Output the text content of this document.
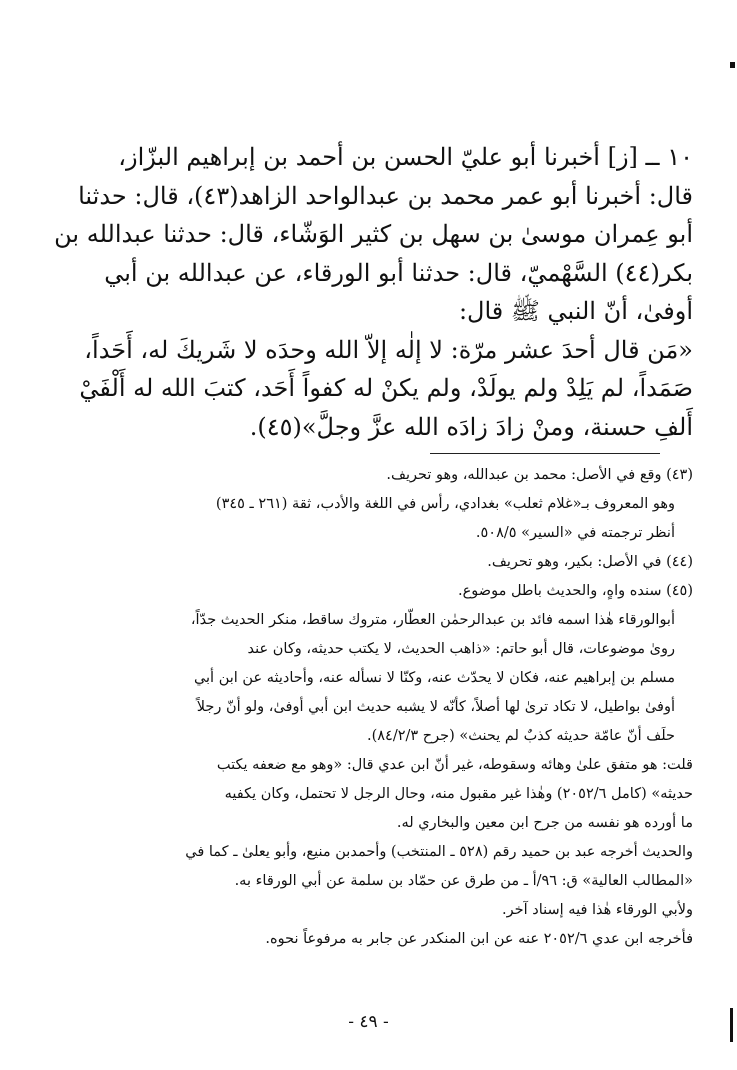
١٠ ــ [ز] أخبرنا أبو عليّ الحسن بن أحمد بن إبراهيم البزّاز،

قال: أخبرنا أبو عمر محمد بن عبدالواحد الزاهد(٤٣)، قال: حدثنا

أبو عِمران موسىٰ بن سهل بن كثير الوَشّاء، قال: حدثنا عبدالله بن

بكر(٤٤) السَّهْميّ، قال: حدثنا أبو الورقاء، عن عبدالله بن أبي

أوفىٰ، أنّ النبي ﷺ قال:

«مَن قال أحدَ عشر مرّة: لا إلٰه إلاّ الله وحدَه لا شَريكَ له، أَحَداً،

صَمَداً، لم يَلِدْ ولم يولَدْ، ولم يكنْ له كفواً أَحَد، كتبَ الله له أَلْفَيْ

أَلفِ حسنة، ومنْ زادَ زادَه الله عزَّ وجلَّ»(٤٥).

(٤٣) وقع في الأصل: محمد بن عبدالله، وهو تحريف.

وهو المعروف بـ«غلام ثعلب» بغدادي، رأس في اللغة والأدب، ثقة (٢٦١ ـ ٣٤٥)

أنظر ترجمته في «السير» ٥٠٨/٥.

(٤٤) في الأصل: بكير، وهو تحريف.

(٤٥) سنده واهٍ، والحديث باطل موضوع.

أبوالورقاء هٰذا اسمه فائد بن عبدالرحمٰن العطّار، متروك ساقط، منكر الحديث جدّاً،

روىٰ موضوعات، قال أبو حاتم: «ذاهب الحديث، لا يكتب حديثه، وكان عند

مسلم بن إبراهيم عنه، فكان لا يحدّث عنه، وكنّا لا نسأله عنه، وأحاديثه عن ابن أبي

أوفىٰ بواطيل، لا تكاد ترىٰ لها أصلاً، كأنّه لا يشبه حديث ابن أبي أوفىٰ، ولو أنّ رجلاً

حلَف أنّ عامّة حديثه كذبٌ لم يحنث» (جرح ٨٤/٢/٣).

قلت: هو متفق علىٰ وهائه وسقوطه، غير أنّ ابن عدي قال: «وهو مع ضعفه يكتب

حديثه» (كامل ٢٠٥٢/٦) وهٰذا غير مقبول منه، وحال الرجل لا تحتمل، وكان يكفيه

ما أورده هو نفسه من جرح ابن معين والبخاري له.

والحديث أخرجه عبد بن حميد رقم (٥٢٨ ـ المنتخب) وأحمدبن منيع، وأبو يعلىٰ ـ كما في

«المطالب العالية» ق: ٩٦/أ ـ من طرق عن حمّاد بن سلمة عن أبي الورقاء به.

ولأبي الورقاء هٰذا فيه إسناد آخر.

فأخرجه ابن عدي ٢٠٥٢/٦ عنه عن ابن المنكدر عن جابر به مرفوعاً نحوه.

- ٤٩ -
